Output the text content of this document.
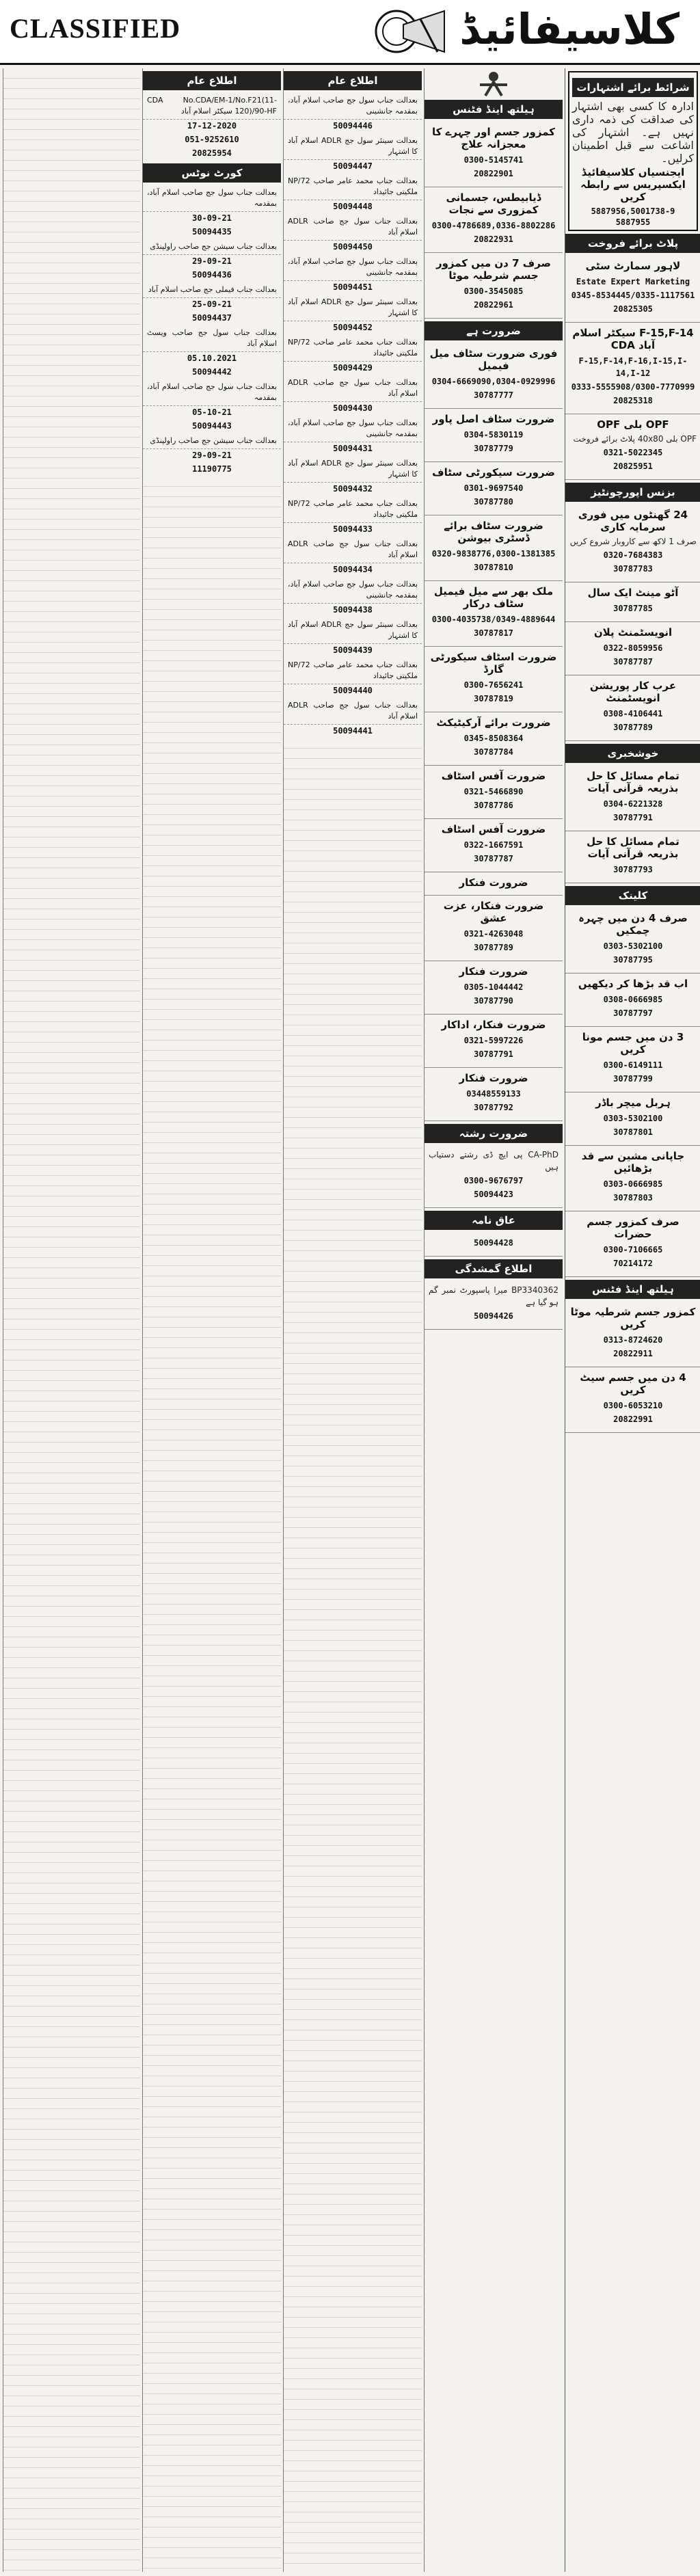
CLASSIFIED	کلاسیفائیڈ
شرائط برائے اشتہارات
ادارہ کا کسی بھی اشتہار کی صداقت کی ذمہ داری نہیں ہے۔ اشتہار کی اشاعت سے قبل اطمینان کرلیں۔
ایجنسیاں کلاسیفائیڈ ایکسپریس سے رابطہ کریں
5887956,5001738-9
5887955
پلاٹ برائے فروخت
لاہور سمارٹ سٹی
Estate Expert Marketing
0345-8534445/0335-1117561
20825305
F-15,F-14 سیکٹر اسلام آباد CDA
F-15,F-14,F-16,I-15,I-14,I-12
0333-5555908/0300-7770999
20825318
OPF بلی OPF
OPF بلی 40x80 پلاٹ برائے فروخت
0321-5022345
20825951
بزنس اپورچونٹیز
24 گھنٹوں میں فوری سرمایہ کاری
صرف 1 لاکھ سے کاروبار شروع کریں
0320-7684383
30787783
آٹو مینٹ ایک سال
30787785
انویسٹمنٹ پلان
0322-8059956
30787787
عرب کار پوریشن انویسٹمنٹ
0308-4106441
30787789
خوشخبری
تمام مسائل کا حل بذریعہ قرآنی آیات
0304-6221328
30787791
تمام مسائل کا حل بذریعہ قرآنی آیات
30787793
کلینک
صرف 4 دن میں چہرہ چمکیں
0303-5302100
30787795
اب قد بڑھا کر دیکھیں
0308-0666985
30787797
3 دن میں جسم مونا کریں
0300-6149111
30787799
ہربل میچر باڈر
0303-5302100
30787801
جاپانی مشین سے قد بڑھائیں
0303-0666985
30787803
صرف کمزور جسم حضرات
0300-7106665
70214172
ہیلتھ اینڈ فٹنس
کمزور جسم شرطیہ موٹا کریں
0313-8724620
20822911
4 دن میں جسم سیٹ کریں
0300-6053210
20822991
ہیلتھ اینڈ فٹنس
کمزور جسم اور چہرے کا معجزانہ علاج
0300-5145741
20822901
ڈیابیطس، جسمانی کمزوری سے نجات
0300-4786689,0336-8802286
20822931
صرف 7 دن میں کمزور جسم شرطیہ موٹا
0300-3545085
20822961
ضرورت ہے
فوری ضرورت سٹاف میل فیمیل
0304-6669090,0304-0929996
30787777
ضرورت سٹاف اصل پاور
0304-5830119
30787779
ضرورت سیکورٹی سٹاف
0301-9697540
30787780
ضرورت سٹاف برائے ڈسٹری بیوشن
0320-9838776,0300-1381385
30787810
ملک بھر سے میل فیمیل سٹاف درکار
0300-4035738/0349-4889644
30787817
ضرورت اسٹاف سیکورٹی گارڈ
0300-7656241
30787819
ضرورت برائے آرکیٹیکٹ
0345-8508364
30787784
ضرورت آفس اسٹاف
0321-5466890
30787786
ضرورت آفس اسٹاف
0322-1667591
30787787
ضرورت فنکار
ضرورت فنکار، عزت عشق
0321-4263048
30787789
ضرورت فنکار
0305-1044442
30787790
ضرورت فنکار، اداکار
0321-5997226
30787791
ضرورت فنکار
03448559133
30787792
ضرورت رشتہ
CA-PhD پی ایچ ڈی رشتے دستیاب ہیں
0300-9676797
50094423
عاق نامہ
50094428
اطلاع گمشدگی
BP3340362 میرا پاسپورٹ نمبر گم ہو گیا ہے
50094426
اطلاع عام
بعدالت جناب سول جج صاحب اسلام آباد، بمقدمہ جانشینی
50094446
بعدالت سینئر سول جج ADLR اسلام آباد کا اشتہار
50094447
بعدالت جناب محمد عامر صاحب 72/NP ملکیتی جائیداد
50094448
بعدالت جناب سول جج صاحب ADLR اسلام آباد
50094450
بعدالت جناب سول جج صاحب اسلام آباد، بمقدمہ جانشینی
50094451
بعدالت سینئر سول جج ADLR اسلام آباد کا اشتہار
50094452
بعدالت جناب محمد عامر صاحب 72/NP ملکیتی جائیداد
50094429
بعدالت جناب سول جج صاحب ADLR اسلام آباد
50094430
بعدالت جناب سول جج صاحب اسلام آباد، بمقدمہ جانشینی
50094431
بعدالت سینئر سول جج ADLR اسلام آباد کا اشتہار
50094432
بعدالت جناب محمد عامر صاحب 72/NP ملکیتی جائیداد
50094433
بعدالت جناب سول جج صاحب ADLR اسلام آباد
50094434
بعدالت جناب سول جج صاحب اسلام آباد، بمقدمہ جانشینی
50094438
بعدالت سینئر سول جج ADLR اسلام آباد کا اشتہار
50094439
بعدالت جناب محمد عامر صاحب 72/NP ملکیتی جائیداد
50094440
بعدالت جناب سول جج صاحب ADLR اسلام آباد
50094441
اطلاع عام
CDA No.CDA/EM-1/No.F21(11-120)/90-HF سیکٹر اسلام آباد
17-12-2020
051-9252610
20825954
کورٹ نوٹس
بعدالت جناب سول جج صاحب اسلام آباد، بمقدمہ
30-09-21
50094435
بعدالت جناب سیشن جج صاحب راولپنڈی
29-09-21
50094436
بعدالت جناب فیملی جج صاحب اسلام آباد
25-09-21
50094437
بعدالت جناب سول جج صاحب ویسٹ اسلام آباد
05.10.2021
50094442
بعدالت جناب سول جج صاحب اسلام آباد، بمقدمہ
05-10-21
50094443
بعدالت جناب سیشن جج صاحب راولپنڈی
29-09-21
11190775
